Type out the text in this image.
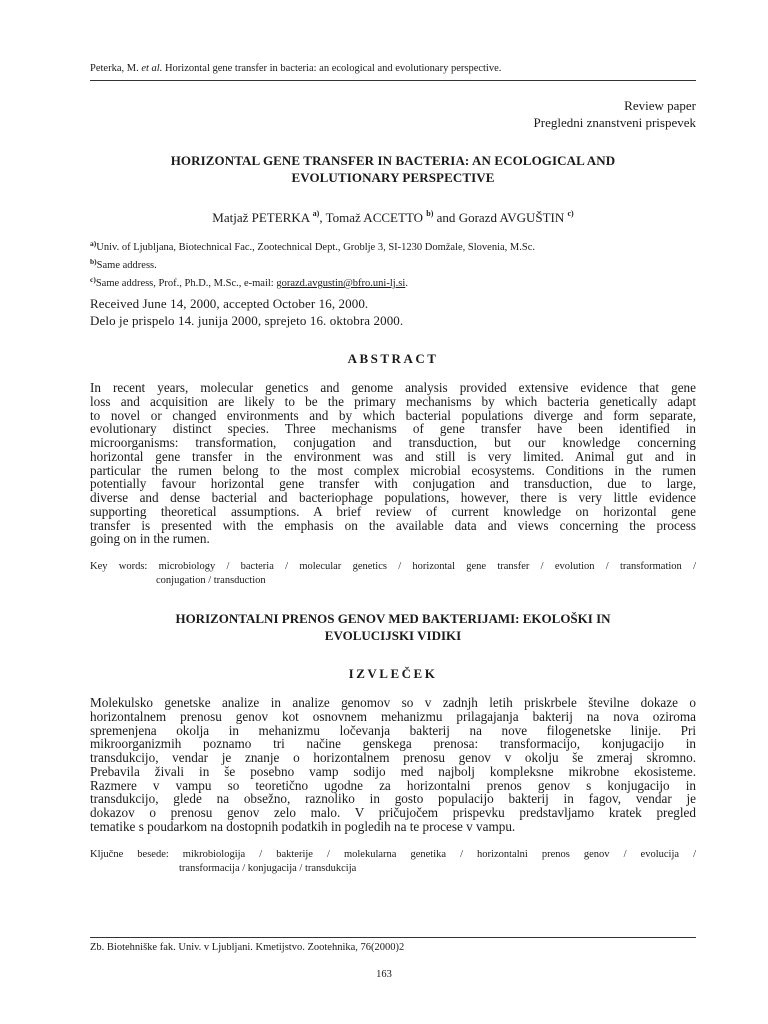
Peterka, M. et al. Horizontal gene transfer in bacteria: an ecological and evolutionary perspective.
Review paper
Pregledni znanstveni prispevek
HORIZONTAL GENE TRANSFER IN BACTERIA: AN ECOLOGICAL AND
EVOLUTIONARY PERSPECTIVE
Matjaž PETERKA $^{a)}$, Tomaž ACCETTO $^{b)}$ and Gorazd AVGUŠTIN $^{c)}$
$^{a)}$Univ. of Ljubljana, Biotechnical Fac., Zootechnical Dept., Groblje 3, SI-1230 Domžale, Slovenia, M.Sc.
$^{b)}$Same address.
$^{c)}$Same address, Prof., Ph.D., M.Sc., e-mail: gorazd.avgustin@bfro.uni-lj.si.
Received June 14, 2000, accepted October 16, 2000.
Delo je prispelo 14. junija 2000, sprejeto 16. oktobra 2000.
ABSTRACT
In recent years, molecular genetics and genome analysis provided extensive evidence that gene
loss and acquisition are likely to be the primary mechanisms by which bacteria genetically adapt
to novel or changed environments and by which bacterial populations diverge and form separate,
evolutionary distinct species. Three mechanisms of gene transfer have been identified in
microorganisms: transformation, conjugation and transduction, but our knowledge concerning
horizontal gene transfer in the environment was and still is very limited. Animal gut and in
particular the rumen belong to the most complex microbial ecosystems. Conditions in the rumen
potentially favour horizontal gene transfer with conjugation and transduction, due to large,
diverse and dense bacterial and bacteriophage populations, however, there is very little evidence
supporting theoretical assumptions. A brief review of current knowledge on horizontal gene
transfer is presented with the emphasis on the available data and views concerning the process
going on in the rumen.
Key words: microbiology / bacteria / molecular genetics / horizontal gene transfer / evolution / transformation /
conjugation / transduction
HORIZONTALNI PRENOS GENOV MED BAKTERIJAMI: EKOLOŠKI IN
EVOLUCIJSKI VIDIKI
IZVLEČEK
Molekulsko genetske analize in analize genomov so v zadnjh letih priskrbele številne dokaze o
horizontalnem prenosu genov kot osnovnem mehanizmu prilagajanja bakterij na nova oziroma
spremenjena okolja in mehanizmu ločevanja bakterij na nove filogenetske linije. Pri
mikroorganizmih poznamo tri načine genskega prenosa: transformacijo, konjugacijo in
transdukcijo, vendar je znanje o horizontalnem prenosu genov v okolju še zmeraj skromno.
Prebavila živali in še posebno vamp sodijo med najbolj kompleksne mikrobne ekosisteme.
Razmere v vampu so teoretično ugodne za horizontalni prenos genov s konjugacijo in
transdukcijo, glede na obsežno, raznoliko in gosto populacijo bakterij in fagov, vendar je
dokazov o prenosu genov zelo malo. V pričujočem prispevku predstavljamo kratek pregled
tematike s poudarkom na dostopnih podatkih in pogledih na te procese v vampu.
Ključne besede: mikrobiologija / bakterije / molekularna genetika / horizontalni prenos genov / evolucija /
transformacija / konjugacija / transdukcija
Zb. Biotehniške fak. Univ. v Ljubljani. Kmetijstvo. Zootehnika, 76(2000)2
163
